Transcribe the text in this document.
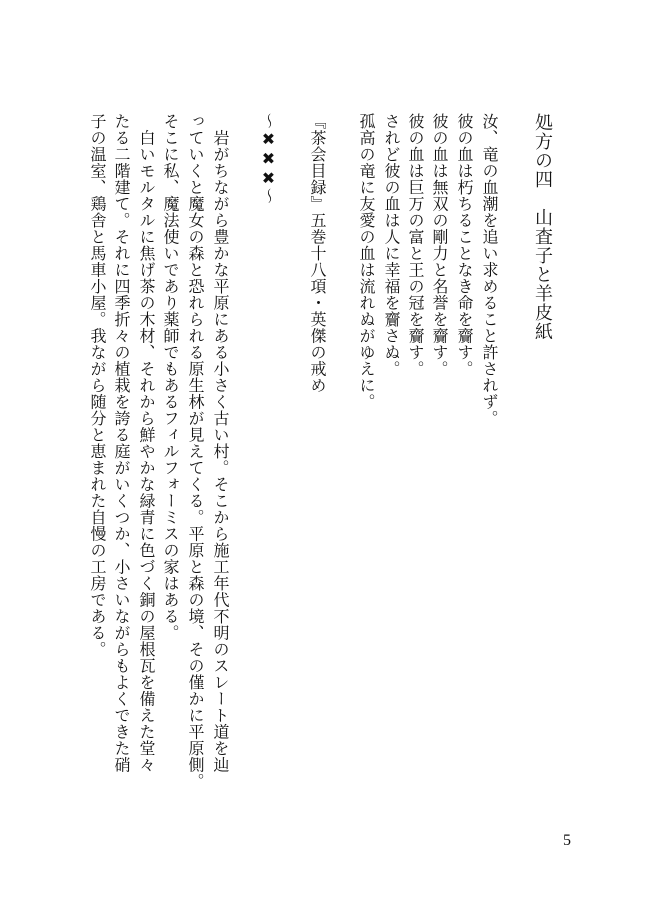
処方の四　山査子と羊皮紙
汝、竜の血潮を追い求めること許されず。
彼の血は朽ちることなき命を齎す。
彼の血は無双の剛力と名誉を齎す。
彼の血は巨万の富と王の冠を齎す。
されど彼の血は人に幸福を齎さぬ。
孤高の竜に友愛の血は流れぬがゆえに。
『茶会目録』五巻十八項・英傑の戒め
～✖✖✖～
　岩がちながら豊かな平原にある小さく古い村。そこから施工年代不明のスレート道を辿
っていくと魔女の森と恐れられる原生林が見えてくる。平原と森の境、その僅かに平原側。
そこに私、魔法使いであり薬師でもあるフィルフォーミスの家はある。
　白いモルタルに焦げ茶の木材、それから鮮やかな緑青に色づく銅の屋根瓦を備えた堂々
たる二階建て。それに四季折々の植栽を誇る庭がいくつか、小さいながらもよくできた硝
子の温室、鶏舎と馬車小屋。我ながら随分と恵まれた自慢の工房である。
5
